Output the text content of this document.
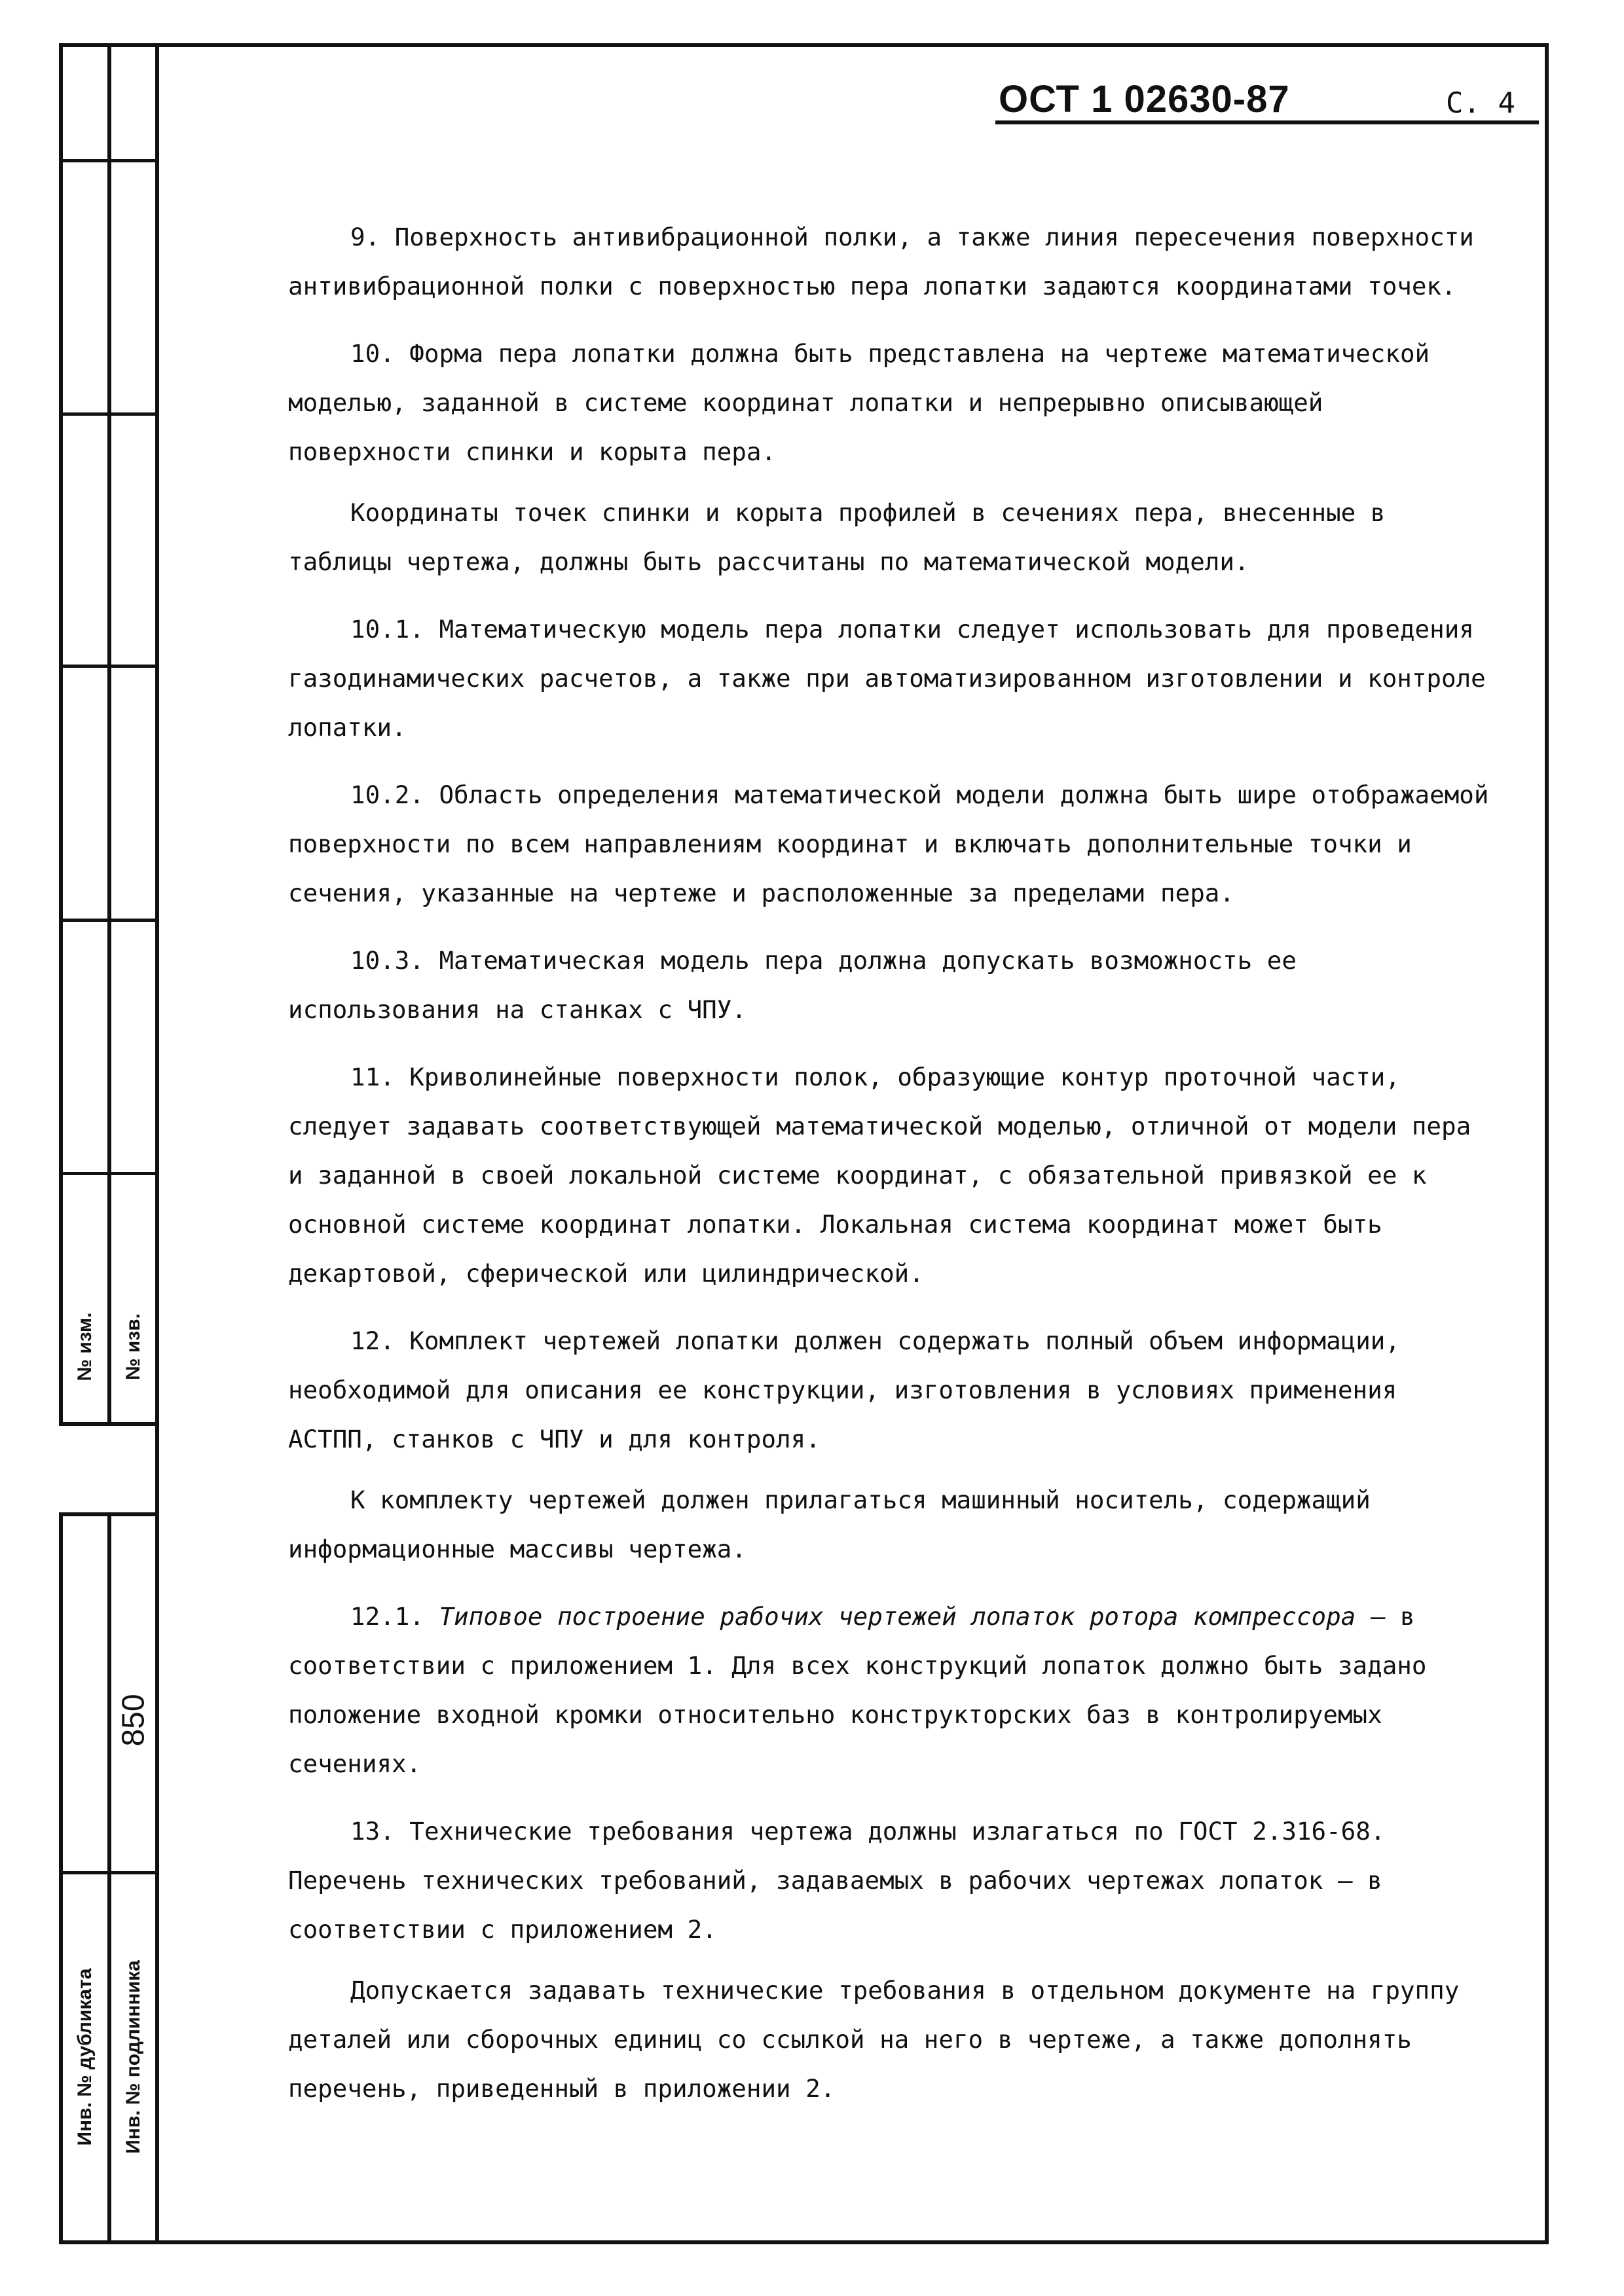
№ изм. № изв.
850
Инв. № дубликата Инв. № подлинника
ОСТ 1 02630-87	С. 4

9. Поверхность антивибрационной полки, а также линия пересечения поверхности антивибрационной полки с поверхностью пера лопатки задаются координатами точек.

10. Форма пера лопатки должна быть представлена на чертеже математической моделью, заданной в системе координат лопатки и непрерывно описывающей поверхности спинки и корыта пера.

Координаты точек спинки и корыта профилей в сечениях пера, внесенные в таблицы чертежа, должны быть рассчитаны по математической модели.

10.1. Математическую модель пера лопатки следует использовать для проведения газодинамических расчетов, а также при автоматизированном изготовлении и контроле лопатки.

10.2. Область определения математической модели должна быть шире отображаемой поверхности по всем направлениям координат и включать дополнительные точки и сечения, указанные на чертеже и расположенные за пределами пера.

10.3. Математическая модель пера должна допускать возможность ее использования на станках с ЧПУ.

11. Криволинейные поверхности полок, образующие контур проточной части, следует задавать соответствующей математической моделью, отличной от модели пера и заданной в своей локальной системе координат, с обязательной привязкой ее к основной системе координат лопатки. Локальная система координат может быть декартовой, сферической или цилиндрической.

12. Комплект чертежей лопатки должен содержать полный объем информации, необходимой для описания ее конструкции, изготовления в условиях применения АСТПП, станков с ЧПУ и для контроля.

К комплекту чертежей должен прилагаться машинный носитель, содержащий информационные массивы чертежа.

12.1. Типовое построение рабочих чертежей лопаток ротора компрессора – в соответствии с приложением 1. Для всех конструкций лопаток должно быть задано положение входной кромки относительно конструкторских баз в контролируемых сечениях.

13. Технические требования чертежа должны излагаться по ГОСТ 2.316-68. Перечень технических требований, задаваемых в рабочих чертежах лопаток – в соответствии с приложением 2.

Допускается задавать технические требования в отдельном документе на группу деталей или сборочных единиц со ссылкой на него в чертеже, а также дополнять перечень, приведенный в приложении 2.
